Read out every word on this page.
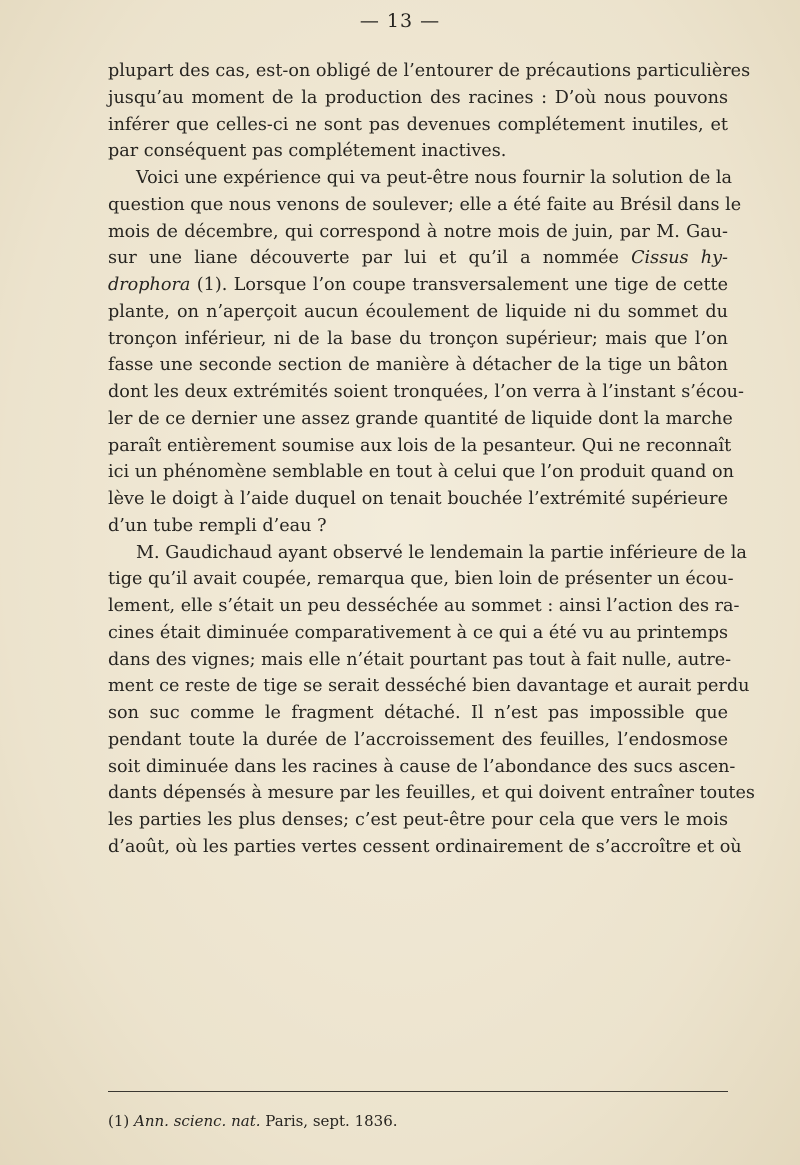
— 13 —
plupart des cas, est-on obligé de l’entourer de précautions particulières
jusqu’au moment de la production des racines : D’où nous pouvons
inférer que celles-ci ne sont pas devenues complétement inutiles, et
par conséquent pas complétement inactives.
Voici une expérience qui va peut-être nous fournir la solution de la
question que nous venons de soulever; elle a été faite au Brésil dans le
mois de décembre, qui correspond à notre mois de juin, par M. Gau-
sur une liane découverte par lui et qu’il a nommée Cissus hy-
drophora (1). Lorsque l’on coupe transversalement une tige de cette
plante, on n’aperçoit aucun écoulement de liquide ni du sommet du
tronçon inférieur, ni de la base du tronçon supérieur; mais que l’on
fasse une seconde section de manière à détacher de la tige un bâton
dont les deux extrémités soient tronquées, l’on verra à l’instant s’écou-
ler de ce dernier une assez grande quantité de liquide dont la marche
paraît entièrement soumise aux lois de la pesanteur. Qui ne reconnaît
ici un phénomène semblable en tout à celui que l’on produit quand on
lève le doigt à l’aide duquel on tenait bouchée l’extrémité supérieure
d’un tube rempli d’eau ?
M. Gaudichaud ayant observé le lendemain la partie inférieure de la
tige qu’il avait coupée, remarqua que, bien loin de présenter un écou-
lement, elle s’était un peu desséchée au sommet : ainsi l’action des ra-
cines était diminuée comparativement à ce qui a été vu au printemps
dans des vignes; mais elle n’était pourtant pas tout à fait nulle, autre-
ment ce reste de tige se serait desséché bien davantage et aurait perdu
son suc comme le fragment détaché. Il n’est pas impossible que
pendant toute la durée de l’accroissement des feuilles, l’endosmose
soit diminuée dans les racines à cause de l’abondance des sucs ascen-
dants dépensés à mesure par les feuilles, et qui doivent entraîner toutes
les parties les plus denses; c’est peut-être pour cela que vers le mois
d’août, où les parties vertes cessent ordinairement de s’accroître et où
(1) Ann. scienc. nat. Paris, sept. 1836.
